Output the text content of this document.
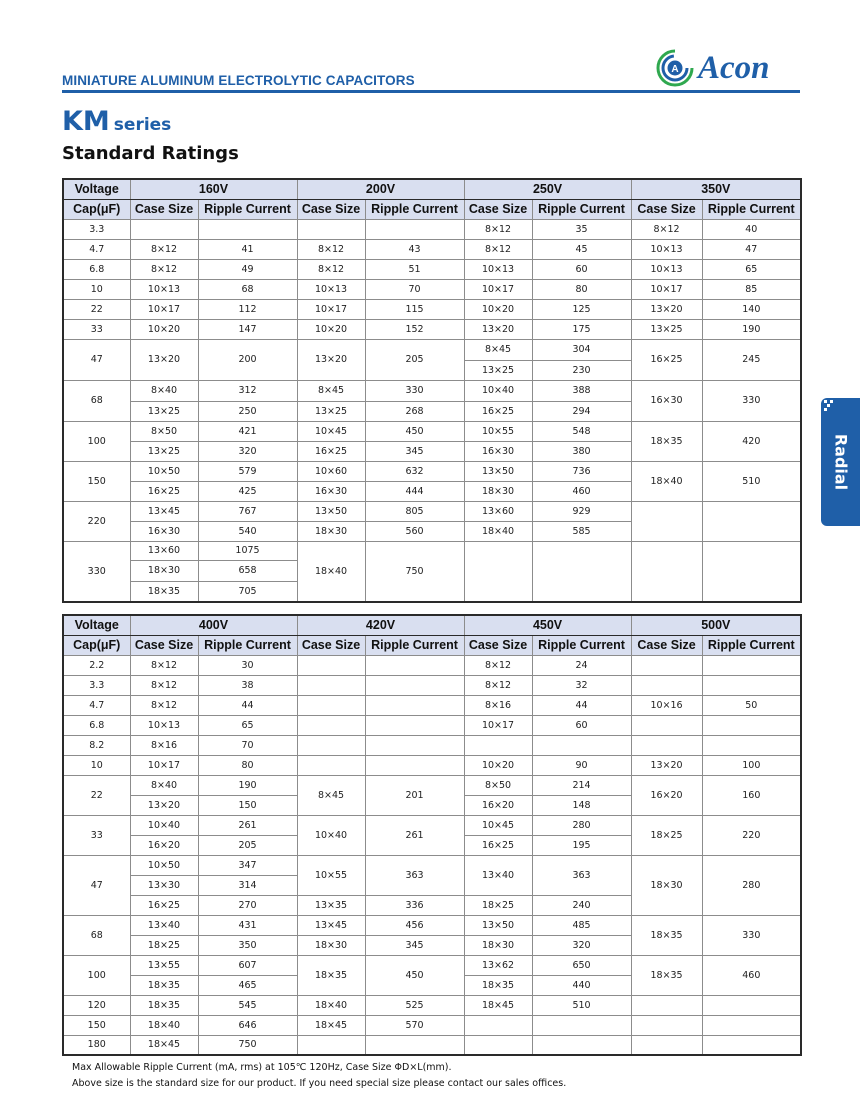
MINIATURE ALUMINUM ELECTROLYTIC CAPACITORS
A Acon
KM series
Standard Ratings
Radial
Voltage	160V		200V		250V		350V	
Cap(μF)	Case Size	Ripple Current	Case Size	Ripple Current	Case Size	Ripple Current	Case Size	Ripple Current
3.3					8×12	35	8×12	40
4.7	8×12	41	8×12	43	8×12	45	10×13	47
6.8	8×12	49	8×12	51	10×13	60	10×13	65
10	10×13	68	10×13	70	10×17	80	10×17	85
22	10×17	112	10×17	115	10×20	125	13×20	140
33	10×20	147	10×20	152	13×20	175	13×25	190
47	13×20	200	13×20	205	8×45	304	16×25	245
					13×25	230		
68	8×40	312	8×45	330	10×40	388	16×30	330
	13×25	250	13×25	268	16×25	294		
100	8×50	421	10×45	450	10×55	548	18×35	420
	13×25	320	16×25	345	16×30	380		
150	10×50	579	10×60	632	13×50	736	18×40	510
	16×25	425	16×30	444	18×30	460		
220	13×45	767	13×50	805	13×60	929		
	16×30	540	18×30	560	18×40	585		
330	13×60	1075	18×40	750				
	18×30	658						
	18×35	705						
Voltage	400V		420V		450V		500V	
Cap(μF)	Case Size	Ripple Current	Case Size	Ripple Current	Case Size	Ripple Current	Case Size	Ripple Current
2.2	8×12	30			8×12	24		
3.3	8×12	38			8×12	32		
4.7	8×12	44			8×16	44	10×16	50
6.8	10×13	65			10×17	60		
8.2	8×16	70						
10	10×17	80			10×20	90	13×20	100
22	8×40	190	8×45	201	8×50	214	16×20	160
	13×20	150			16×20	148		
33	10×40	261	10×40	261	10×45	280	18×25	220
	16×20	205			16×25	195		
47	10×50	347	10×55	363	13×40	363	18×30	280
	13×30	314						
	16×25	270	13×35	336	18×25	240		
68	13×40	431	13×45	456	13×50	485	18×35	330
	18×25	350	18×30	345	18×30	320		
100	13×55	607	18×35	450	13×62	650	18×35	460
	18×35	465			18×35	440		
120	18×35	545	18×40	525	18×45	510		
150	18×40	646	18×45	570				
180	18×45	750						
Max Allowable Ripple Current (mA, rms) at 105℃ 120Hz, Case Size ΦD×L(mm).
Above size is the standard size for our product. If you need special size please contact our sales offices.
